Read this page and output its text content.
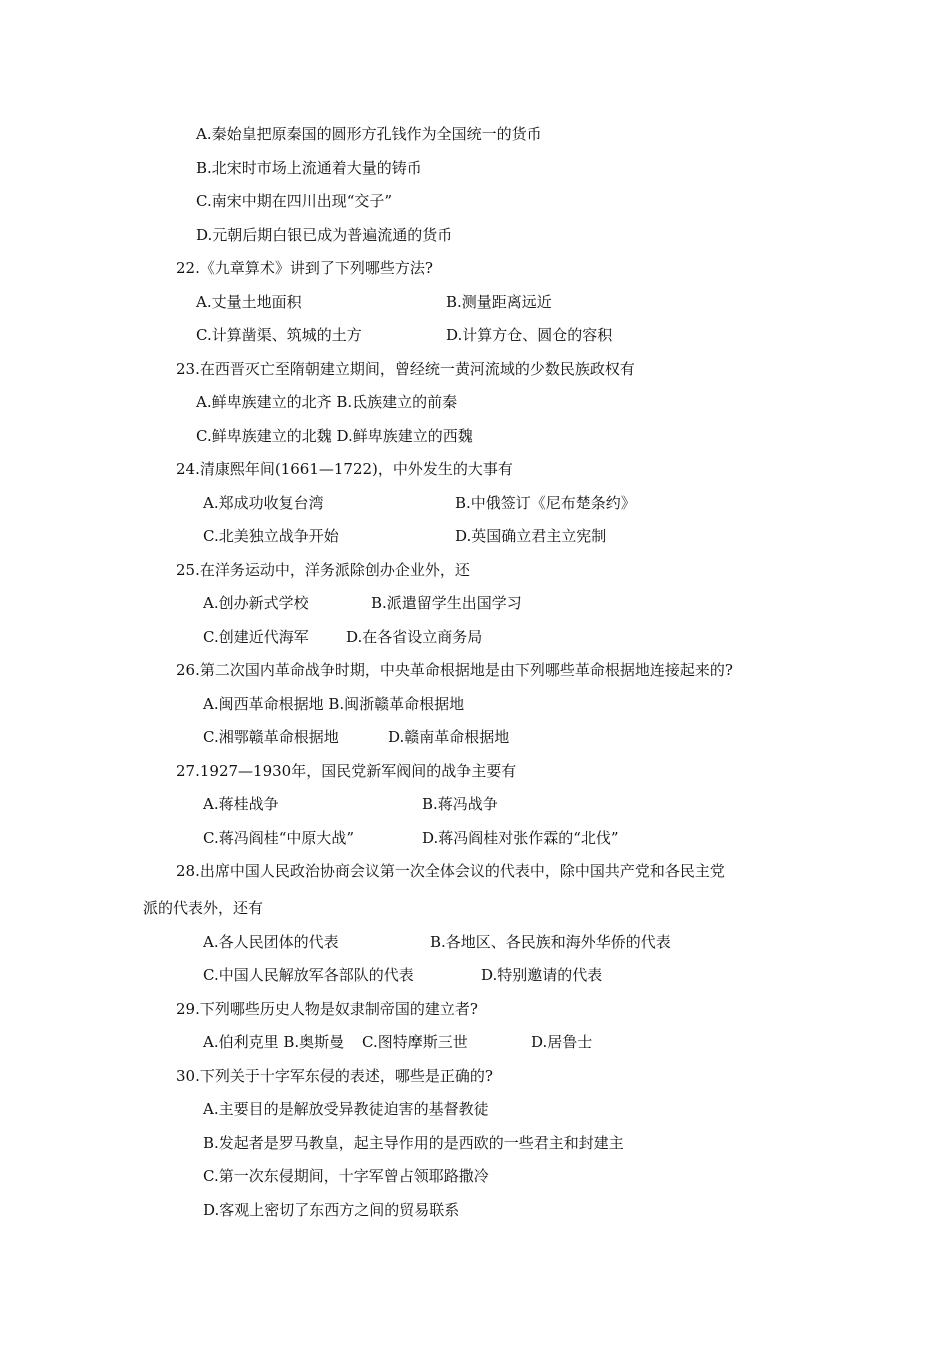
A.秦始皇把原秦国的圆形方孔钱作为全国统一的货币
B.北宋时市场上流通着大量的铸币
C.南宋中期在四川出现“交子”
D.元朝后期白银已成为普遍流通的货币
22.《九章算术》讲到了下列哪些方法?
A.丈量土地面积	B.测量距离远近
C.计算凿渠、筑城的土方	D.计算方仓、圆仓的容积
23.在西晋灭亡至隋朝建立期间，曾经统一黄河流域的少数民族政权有
A.鲜卑族建立的北齐 B.氐族建立的前秦
C.鲜卑族建立的北魏 D.鲜卑族建立的西魏
24.清康熙年间(1661—1722)，中外发生的大事有
A.郑成功收复台湾	B.中俄签订《尼布楚条约》
C.北美独立战争开始	D.英国确立君主立宪制
25.在洋务运动中，洋务派除创办企业外，还
A.创办新式学校	B.派遣留学生出国学习
C.创建近代海军 D.在各省设立商务局
26.第二次国内革命战争时期，中央革命根据地是由下列哪些革命根据地连接起来的?
A.闽西革命根据地 B.闽浙赣革命根据地
C.湘鄂赣革命根据地	D.赣南革命根据地
27.1927—1930年，国民党新军阀间的战争主要有
A.蒋桂战争	B.蒋冯战争
C.蒋冯阎桂“中原大战”	D.蒋冯阎桂对张作霖的“北伐”
28.出席中国人民政治协商会议第一次全体会议的代表中，除中国共产党和各民主党
派的代表外，还有
A.各人民团体的代表	B.各地区、各民族和海外华侨的代表
C.中国人民解放军各部队的代表	D.特别邀请的代表
29.下列哪些历史人物是奴隶制帝国的建立者?
A.伯利克里 B.奥斯曼 C.图特摩斯三世	D.居鲁士
30.下列关于十字军东侵的表述，哪些是正确的?
A.主要目的是解放受异教徒迫害的基督教徒
B.发起者是罗马教皇，起主导作用的是西欧的一些君主和封建主
C.第一次东侵期间，十字军曾占领耶路撒冷
D.客观上密切了东西方之间的贸易联系
